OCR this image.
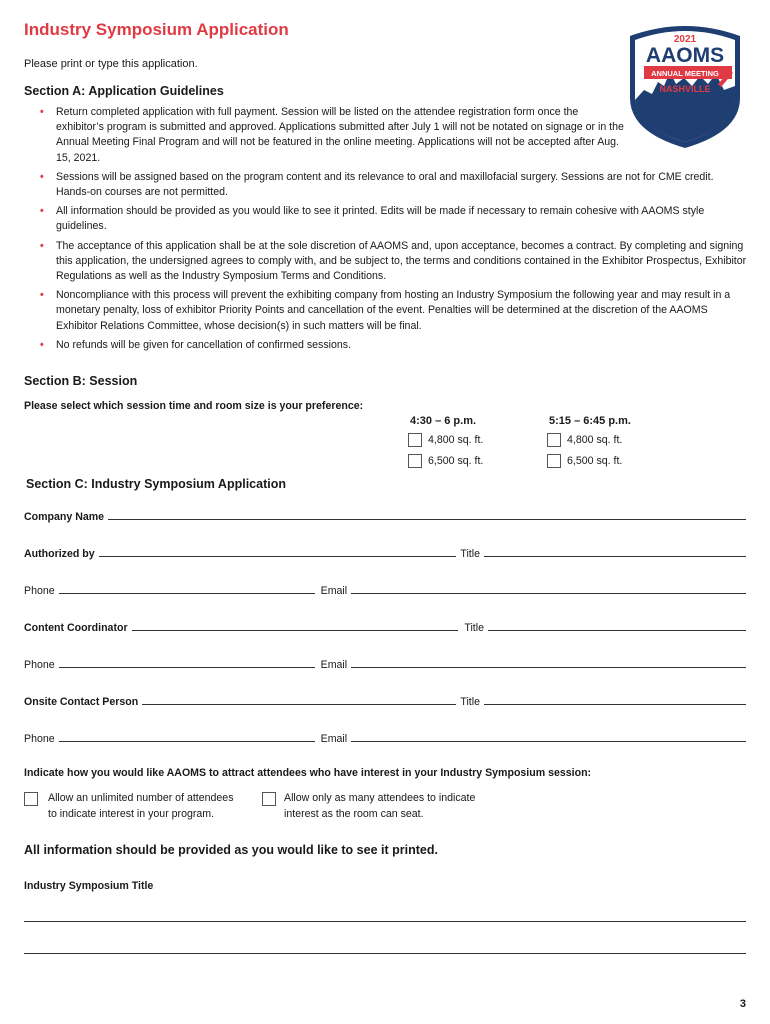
Industry Symposium Application
Please print or type this application.
2021
AAOMS
ANNUAL MEETING
NASHVILLE
Section A: Application Guidelines
• Return completed application with full payment. Session will be listed on the attendee registration form once the exhibitor’s program is submitted and approved. Applications submitted after July 1 will not be notated on signage or in the Annual Meeting Final Program and will not be featured in the online meeting. Applications will not be accepted after Aug. 15, 2021.
• Sessions will be assigned based on the program content and its relevance to oral and maxillofacial surgery. Sessions are not for CME credit. Hands-on courses are not permitted.
• All information should be provided as you would like to see it printed. Edits will be made if necessary to remain cohesive with AAOMS style guidelines.
• The acceptance of this application shall be at the sole discretion of AAOMS and, upon acceptance, becomes a contract. By completing and signing this application, the undersigned agrees to comply with, and be subject to, the terms and conditions contained in the Exhibitor Prospectus, Exhibitor Regulations as well as the Industry Symposium Terms and Conditions.
• Noncompliance with this process will prevent the exhibiting company from hosting an Industry Symposium the following year and may result in a monetary penalty, loss of exhibitor Priority Points and cancellation of the event. Penalties will be determined at the discretion of the AAOMS Exhibitor Relations Committee, whose decision(s) in such matters will be final.
• No refunds will be given for cancellation of confirmed sessions.
Section B: Session
Please select which session time and room size is your preference:
4:30 – 6 p.m.
4,800 sq. ft.
6,500 sq. ft.
5:15 – 6:45 p.m.
4,800 sq. ft.
6,500 sq. ft.
Section C: Industry Symposium Application
Company Name
Authorized by	Title
Phone	Email
Content Coordinator	Title
Phone	Email
Onsite Contact Person	Title
Phone	Email
Indicate how you would like AAOMS to attract attendees who have interest in your Industry Symposium session:
Allow an unlimited number of attendees
to indicate interest in your program.
Allow only as many attendees to indicate
interest as the room can seat.
All information should be provided as you would like to see it printed.
Industry Symposium Title
3
